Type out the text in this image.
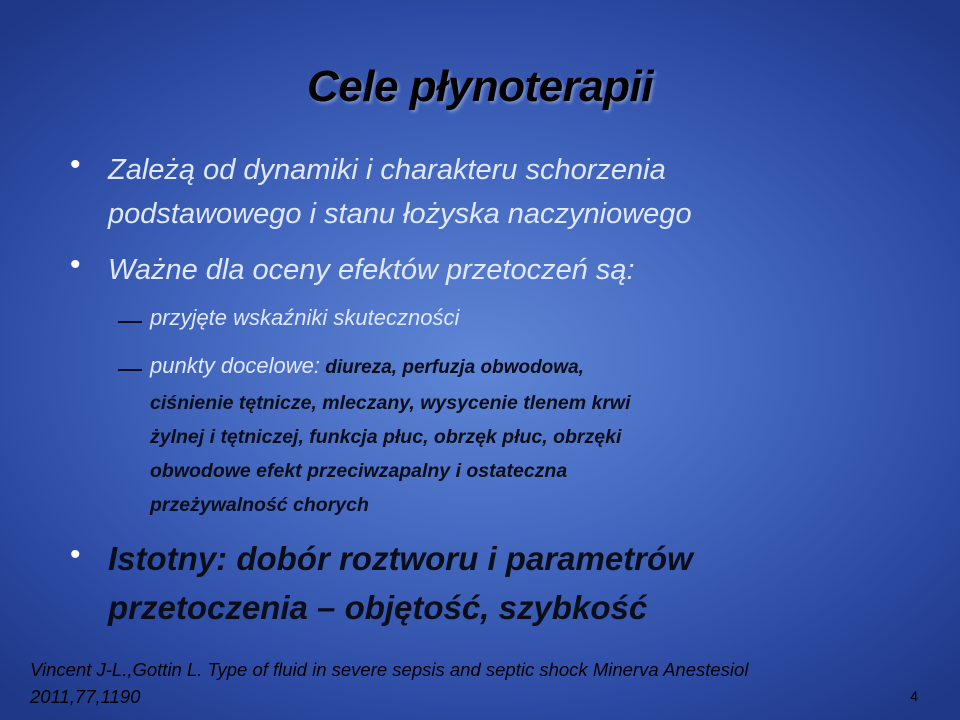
Cele płynoterapii
• Zależą od dynamiki i charakteru schorzenia
podstawowego i stanu łożyska naczyniowego
• Ważne dla oceny efektów przetoczeń są:
przyjęte wskaźniki skuteczności
punkty docelowe: diureza, perfuzja obwodowa,
ciśnienie tętnicze, mleczany, wysycenie tlenem krwi
żylnej i tętniczej, funkcja płuc, obrzęk płuc, obrzęki
obwodowe efekt przeciwzapalny i ostateczna
przeżywalność chorych
• Istotny: dobór roztworu i parametrów
przetoczenia – objętość, szybkość
Vincent J-L.,Gottin L. Type of fluid in severe sepsis and septic shock Minerva Anestesiol
2011,77,1190	4
